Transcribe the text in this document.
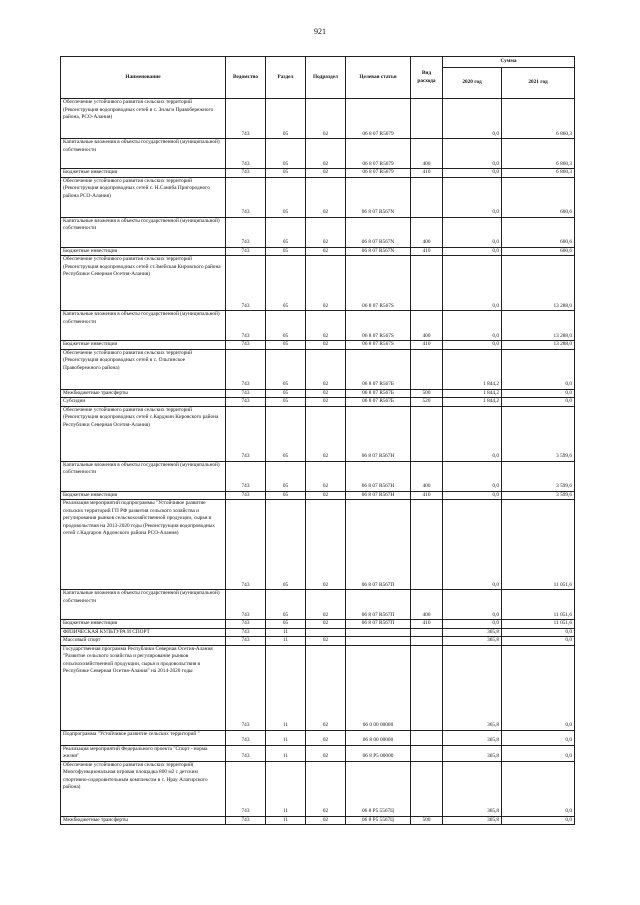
921
Наименование	Ведомство	Раздел	Подраздел	Целевая статья	Вид расхода	Сумма	
						2020 год	2021 год
Обеспечение устойчивого развития сельских территорий (Реконструкция водопроводных сетей в с. Зильги Правобережного района, РСО-Алания)	743	05	02	06 8 07 R5679		0,0	6 860,3
Капитальные вложения в объекты государственной (муниципальной) собственности	743	05	02	06 8 07 R5679	400	0,0	6 860,3
Бюджетные инвестиции	743	05	02	06 8 07 R5679	410	0,0	6 860,3
Обеспечение устойчивого развития сельских территорий (Реконструкция водопроводных сетей с. Н.Саниба Пригородного района РСО-Алания)	743	05	02	06 8 07 R567N		0,0	600,6
Капитальные вложения в объекты государственной (муниципальной) собственности	743	05	02	06 8 07 R567N	400	0,0	600,6
Бюджетные инвестиции	743	05	02	06 8 07 R567N	410	0,0	600,6
Обеспечение устойчивого развития сельских территорий (Реконструкция водопроводных сетей ст.Змейская Кировского района Республики Северная Осетия-Алания)	743	05	02	06 8 07 R567S		0,0	13 288,0
Капитальные вложения в объекты государственной (муниципальной) собственности	743	05	02	06 8 07 R567S	400	0,0	13 288,0
Бюджетные инвестиции	743	05	02	06 8 07 R567S	410	0,0	13 288,0
Обеспечение устойчивого развития сельских территорий (Реконструкция водопроводных сетей в с. Ольгинское Правобережного района)	743	05	02	06 8 07 R567Б		1 844,2	0,0
Межбюджетные трансферты	743	05	02	06 8 07 R567Б	500	1 844,2	0,0
Субсидии	743	05	02	06 8 07 R567Б	520	1 844,2	0,0
Обеспечение устойчивого развития сельских территорий (Реконструкция водопроводных сетей с.Карджин Кировского района Республики Северная Осетия-Алания)	743	05	02	06 8 07 R567H		0,0	3 599,6
Капитальные вложения в объекты государственной (муниципальной) собственности	743	05	02	06 8 07 R567H	400	0,0	3 599,6
Бюджетные инвестиции	743	05	02	06 8 07 R567H	410	0,0	3 599,6
Реализация мероприятий подпрограммы "Устойчивое развитие сельских территорий ГП РФ развития сельского хозяйства и регулирования рынков сельскохозяйственной продукции, сырья и продовольствия на 2013-2020 годы (Реконструкция водопроводных сетей с.Кадгарон Ардонского района РСО-Алания)	743	05	02	06 8 07 R567П		0,0	11 051,6
Капитальные вложения в объекты государственной (муниципальной) собственности	743	05	02	06 8 07 R567П	400	0,0	11 051,6
Бюджетные инвестиции	743	05	02	06 8 07 R567П	410	0,0	11 051,6
ФИЗИЧЕСКАЯ КУЛЬТУРА И СПОРТ	743	11				365,8	0,0
Массовый спорт	743	11	02			365,8	0,0
Государственная программа Республики Северная Осетия-Алания "Развитие сельского хозяйства и регулирование рынков сельскохозяйственной продукции, сырья и продовольствия в Республике Северная Осетия-Алания" на 2014-2020 годы	743	11	02	06 0 00 00000		365,8	0,0
Подпрограмма "Устойчивое развитие сельских территорий "	743	11	02	06 8 00 00000		365,8	0,0
Реализация мероприятий Федерального проекта "Спорт - норма жизни"	743	11	02	06 8 P5 00000		365,8	0,0
Обеспечение устойчивого развития сельских территорий( Многофункциональная игровая площадка 800 м2 с детским спортивно-оздоровительным комплексом в с. Нрау Алагирского района)	743	11	02	06 8 P5 5567Ц		365,8	0,0
Межбюджетные трансферты	743	11	02	06 8 P5 5567Ц	500	365,8	0,0
